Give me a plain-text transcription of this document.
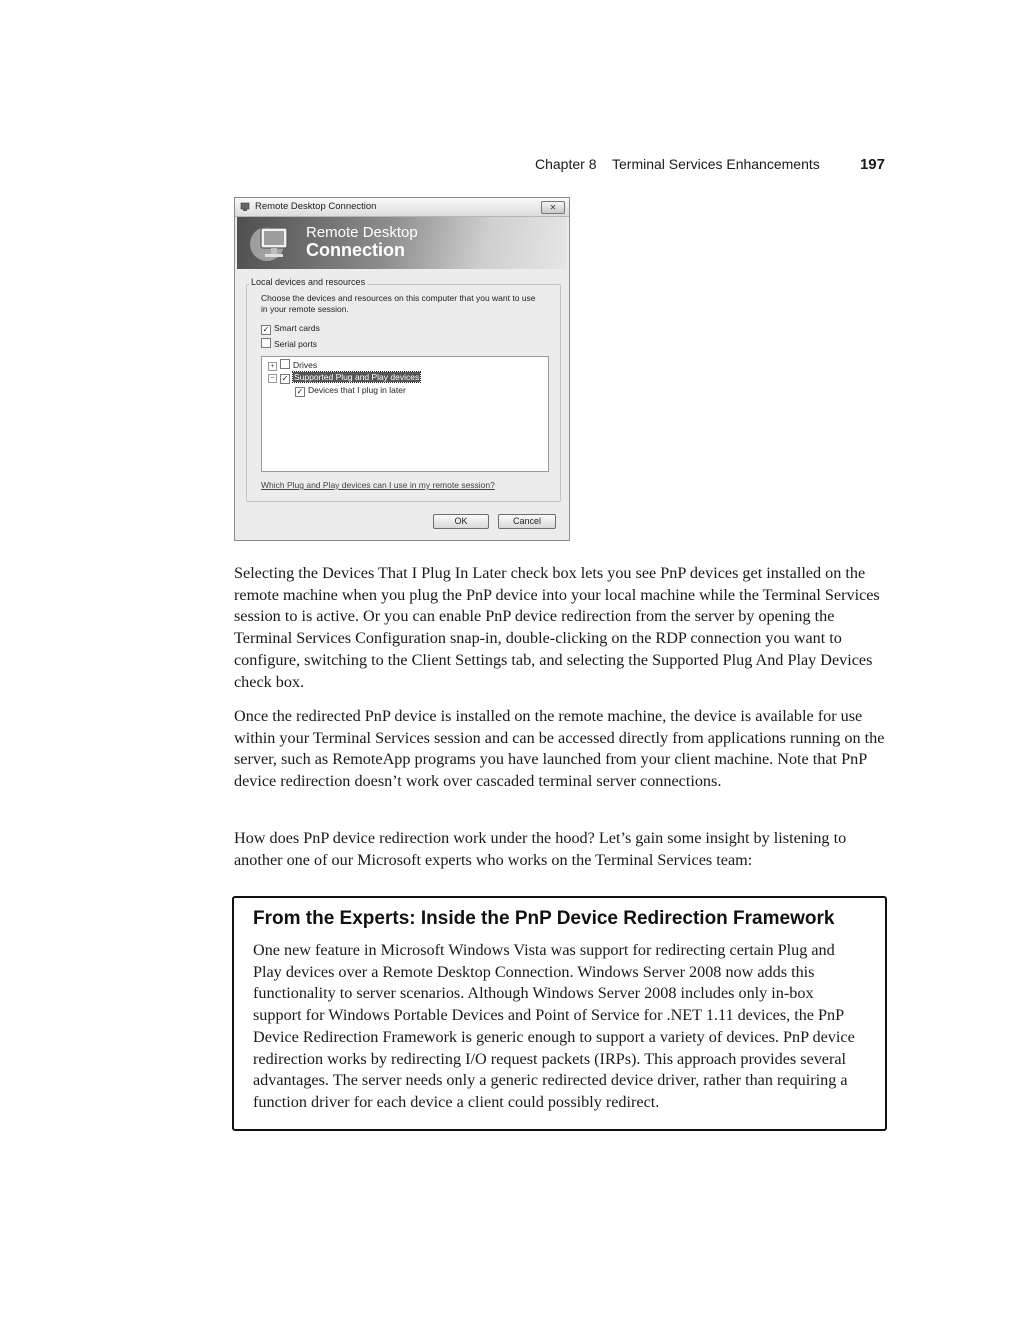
Chapter 8 Terminal Services Enhancements	197
Remote Desktop Connection	✕
Remote Desktop
Connection
Local devices and resources
Choose the devices and resources on this computer that you want to use in your remote session.
✓ Smart cards
Serial ports
+ Drives
− ✓ Supported Plug and Play devices
✓ Devices that I plug in later
Which Plug and Play devices can I use in my remote session?
OK	Cancel

Selecting the Devices That I Plug In Later check box lets you see PnP devices get installed on the remote machine when you plug the PnP device into your local machine while the Terminal Services session to is active. Or you can enable PnP device redirection from the server by opening the Terminal Services Configuration snap-in, double-clicking on the RDP connection you want to configure, switching to the Client Settings tab, and selecting the Supported Plug And Play Devices check box.

Once the redirected PnP device is installed on the remote machine, the device is available for use within your Terminal Services session and can be accessed directly from applications running on the server, such as RemoteApp programs you have launched from your client machine. Note that PnP device redirection doesn’t work over cascaded terminal server connections.

How does PnP device redirection work under the hood? Let’s gain some insight by listening to another one of our Microsoft experts who works on the Terminal Services team:

From the Experts: Inside the PnP Device Redirection Framework

One new feature in Microsoft Windows Vista was support for redirecting certain Plug and Play devices over a Remote Desktop Connection. Windows Server 2008 now adds this functionality to server scenarios. Although Windows Server 2008 includes only in-box support for Windows Portable Devices and Point of Service for .NET 1.11 devices, the PnP Device Redirection Framework is generic enough to support a variety of devices. PnP device redirection works by redirecting I/O request packets (IRPs). This approach provides several advantages. The server needs only a generic redirected device driver, rather than requiring a function driver for each device a client could possibly redirect.
